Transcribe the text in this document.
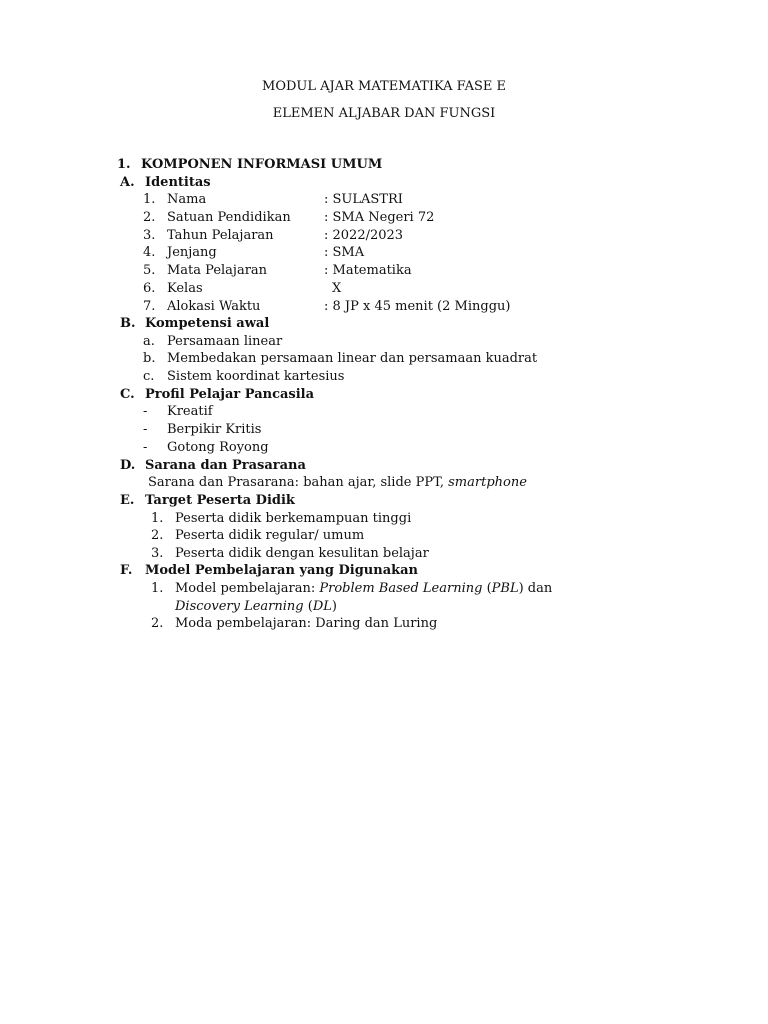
MODUL AJAR MATEMATIKA FASE E
ELEMEN ALJABAR DAN FUNGSI
1. KOMPONEN INFORMASI UMUM
A. Identitas
1. Nama	: SULASTRI
2. Satuan Pendidikan	: SMA Negeri 72
3. Tahun Pelajaran	: 2022/2023
4. Jenjang	: SMA
5. Mata Pelajaran	: Matematika
6. Kelas	X
7. Alokasi Waktu	: 8 JP x 45 menit (2 Minggu)
B. Kompetensi awal
a. Persamaan linear
b. Membedakan persamaan linear dan persamaan kuadrat
c. Sistem koordinat kartesius
C. Profil Pelajar Pancasila
- Kreatif
- Berpikir Kritis
- Gotong Royong
D. Sarana dan Prasarana
Sarana dan Prasarana: bahan ajar, slide PPT, smartphone
E. Target Peserta Didik
1. Peserta didik berkemampuan tinggi
2. Peserta didik regular/ umum
3. Peserta didik dengan kesulitan belajar
F. Model Pembelajaran yang Digunakan
1. Model pembelajaran: Problem Based Learning (PBL) dan
Discovery Learning (DL)
2. Moda pembelajaran: Daring dan Luring
